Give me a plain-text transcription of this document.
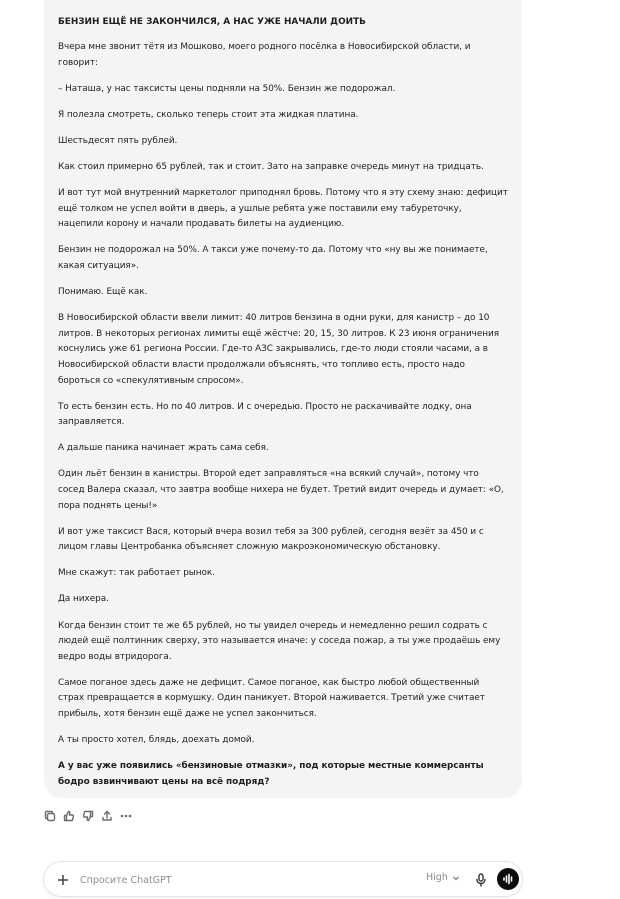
БЕНЗИН ЕЩЁ НЕ ЗАКОНЧИЛСЯ, А НАС УЖЕ НАЧАЛИ ДОИТЬ

Вчера мне звонит тётя из Мошково, моего родного посёлка в Новосибирской области, и говорит:

– Наташа, у нас таксисты цены подняли на 50%. Бензин же подорожал.

Я полезла смотреть, сколько теперь стоит эта жидкая платина.

Шестьдесят пять рублей.

Как стоил примерно 65 рублей, так и стоит. Зато на заправке очередь минут на тридцать.

И вот тут мой внутренний маркетолог приподнял бровь. Потому что я эту схему знаю: дефицит ещё толком не успел войти в дверь, а ушлые ребята уже поставили ему табуреточку, нацепили корону и начали продавать билеты на аудиенцию.

Бензин не подорожал на 50%. А такси уже почему-то да. Потому что «ну вы же понимаете, какая ситуация».

Понимаю. Ещё как.

В Новосибирской области ввели лимит: 40 литров бензина в одни руки, для канистр – до 10 литров. В некоторых регионах лимиты ещё жёстче: 20, 15, 30 литров. К 23 июня ограничения коснулись уже 61 региона России. Где-то АЗС закрывались, где-то люди стояли часами, а в Новосибирской области власти продолжали объяснять, что топливо есть, просто надо бороться со «спекулятивным спросом».

То есть бензин есть. Но по 40 литров. И с очередью. Просто не раскачивайте лодку, она заправляется.

А дальше паника начинает жрать сама себя.

Один льёт бензин в канистры. Второй едет заправляться «на всякий случай», потому что сосед Валера сказал, что завтра вообще нихера не будет. Третий видит очередь и думает: «О, пора поднять цены!»

И вот уже таксист Вася, который вчера возил тебя за 300 рублей, сегодня везёт за 450 и с лицом главы Центробанка объясняет сложную макроэкономическую обстановку.

Мне скажут: так работает рынок.

Да нихера.

Когда бензин стоит те же 65 рублей, но ты увидел очередь и немедленно решил содрать с людей ещё полтинник сверху, это называется иначе: у соседа пожар, а ты уже продаёшь ему ведро воды втридорога.

Самое поганое здесь даже не дефицит. Самое поганое, как быстро любой общественный страх превращается в кормушку. Один паникует. Второй наживается. Третий уже считает прибыль, хотя бензин ещё даже не успел закончиться.

А ты просто хотел, блядь, доехать домой.

А у вас уже появились «бензиновые отмазки», под которые местные коммерсанты бодро взвинчивают цены на всё подряд?

Спросите ChatGPT
High
